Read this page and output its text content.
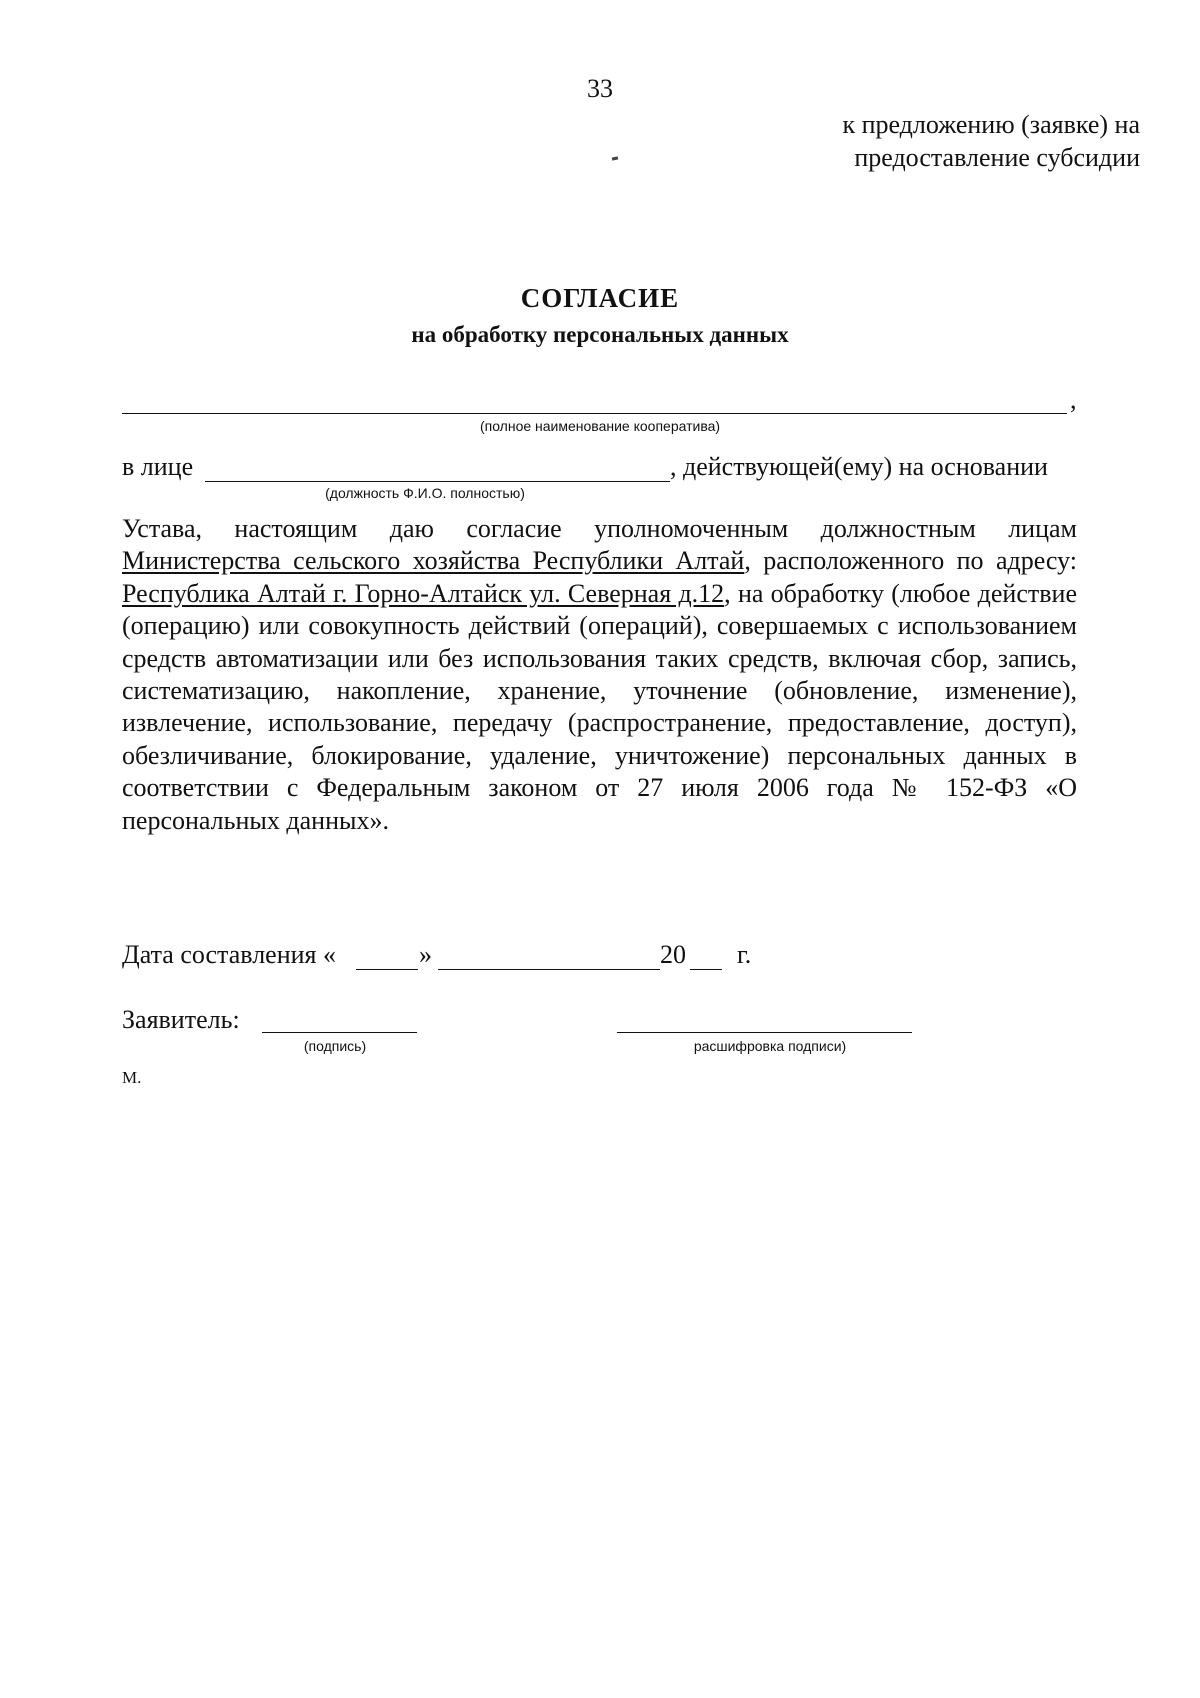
33
к предложению (заявке) на
предоставление субсидии
СОГЛАСИЕ
на обработку персональных данных
,
(полное наименование кооператива)
в лице	, действующей(ему) на основании
(должность Ф.И.О. полностью)
Устава, настоящим даю согласие уполномоченным должностным лицам Министерства сельского хозяйства Республики Алтай, расположенного по адресу: Республика Алтай г. Горно-Алтайск ул. Северная д.12, на обработку (любое действие (операцию) или совокупность действий (операций), совершаемых с использованием средств автоматизации или без использования таких средств, включая сбор, запись, систематизацию, накопление, хранение, уточнение (обновление, изменение), извлечение, использование, передачу (распространение, предоставление, доступ), обезличивание, блокирование, удаление, уничтожение) персональных данных в соответствии с Федеральным законом от 27 июля 2006 года № 152-ФЗ «О персональных данных».
Дата составления «	»	20 г.
Заявитель:
(подпись)	расшифровка подписи)
М.
